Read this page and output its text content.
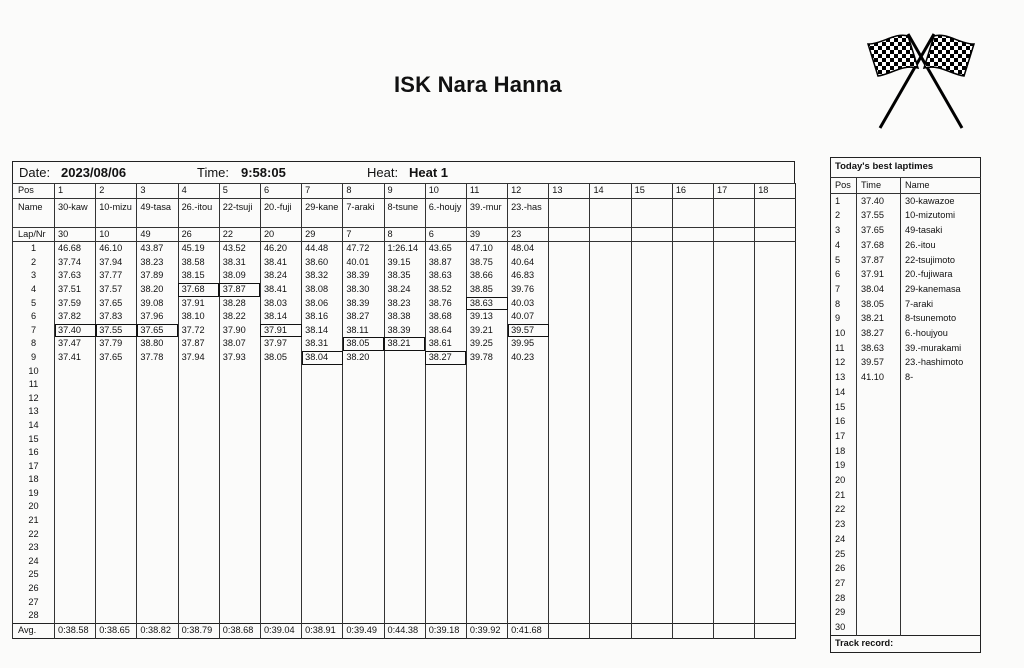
ISK Nara Hanna
Date:	2023/08/06	Time:	9:58:05	Heat:	Heat 1
Pos	1	2	3	4	5	6	7	8	9	10	11	12	13	14	15	16	17	18
Name	30-kaw	10-mizu	49-tasa	26.-itou	22-tsuji	20.-fuji	29-kane	7-araki	8-tsune	6.-houjy	39.-mur	23.-has						
Lap/Nr	30	10	49	26	22	20	29	7	8	6	39	23						
1	46.68	46.10	43.87	45.19	43.52	46.20	44.48	47.72	1:26.14	43.65	47.10	48.04						
2	37.74	37.94	38.23	38.58	38.31	38.41	38.60	40.01	39.15	38.87	38.75	40.64						
3	37.63	37.77	37.89	38.15	38.09	38.24	38.32	38.39	38.35	38.63	38.66	46.83						
4	37.51	37.57	38.20	37.68	37.87	38.41	38.08	38.30	38.24	38.52	38.85	39.76						
5	37.59	37.65	39.08	37.91	38.28	38.03	38.06	38.39	38.23	38.76	38.63	40.03						
6	37.82	37.83	37.96	38.10	38.22	38.14	38.16	38.27	38.38	38.68	39.13	40.07						
7	37.40	37.55	37.65	37.72	37.90	37.91	38.14	38.11	38.39	38.64	39.21	39.57						
8	37.47	37.79	38.80	37.87	38.07	37.97	38.31	38.05	38.21	38.61	39.25	39.95						
9	37.41	37.65	37.78	37.94	37.93	38.05	38.04	38.20		38.27	39.78	40.23						
10																		
11																		
12																		
13																		
14																		
15																		
16																		
17																		
18																		
19																		
20																		
21																		
22																		
23																		
24																		
25																		
26																		
27																		
28																		
Avg.	0:38.58	0:38.65	0:38.82	0:38.79	0:38.68	0:39.04	0:38.91	0:39.49	0:44.38	0:39.18	0:39.92	0:41.68						
Today's best laptimes		
Pos	Time	Name
1	37.40	30-kawazoe
2	37.55	10-mizutomi
3	37.65	49-tasaki
4	37.68	26.-itou
5	37.87	22-tsujimoto
6	37.91	20.-fujiwara
7	38.04	29-kanemasa
8	38.05	7-araki
9	38.21	8-tsunemoto
10	38.27	6.-houjyou
11	38.63	39.-murakami
12	39.57	23.-hashimoto
13	41.10	8-
14		
15		
16		
17		
18		
19		
20		
21		
22		
23		
24		
25		
26		
27		
28		
29		
30		
Track record:		
